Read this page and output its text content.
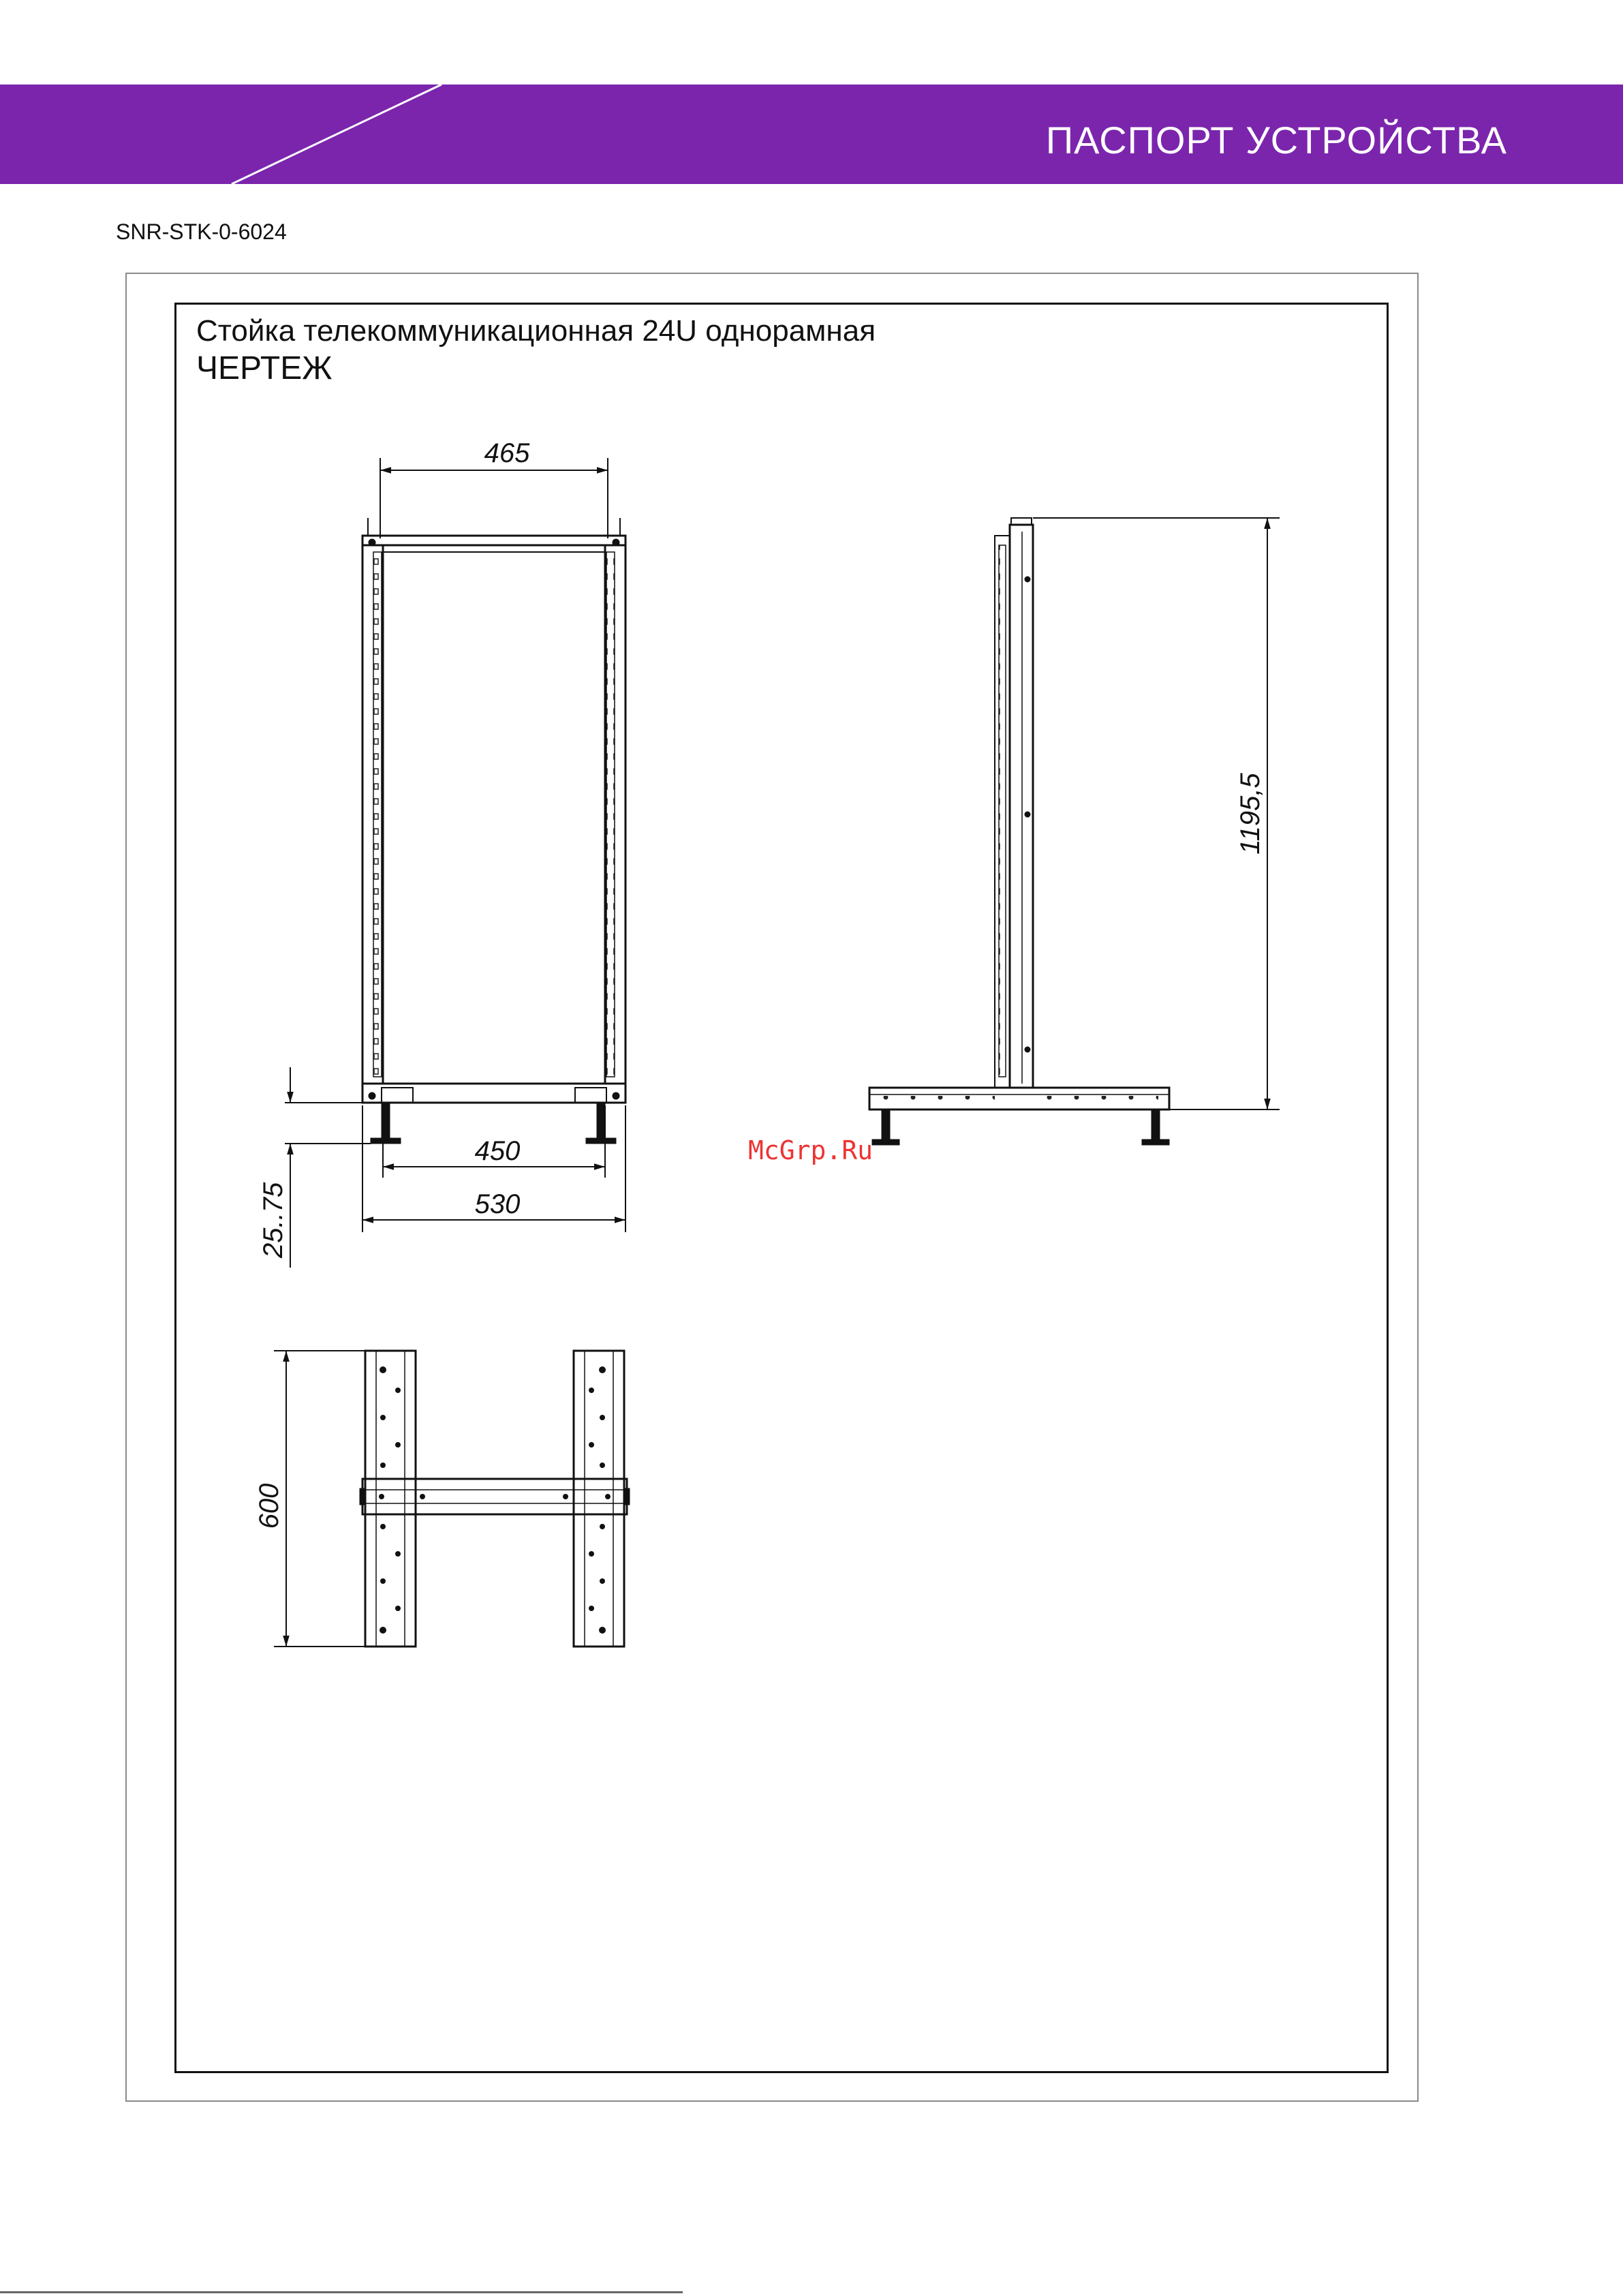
ПАСПОРТ УСТРОЙСТВА
SNR-STK-0-6024
Стойка телекоммуникационная 24U однорамная
ЧЕРТЕЖ
465
450
530
25..75
1195,5
600
McGrp.Ru
